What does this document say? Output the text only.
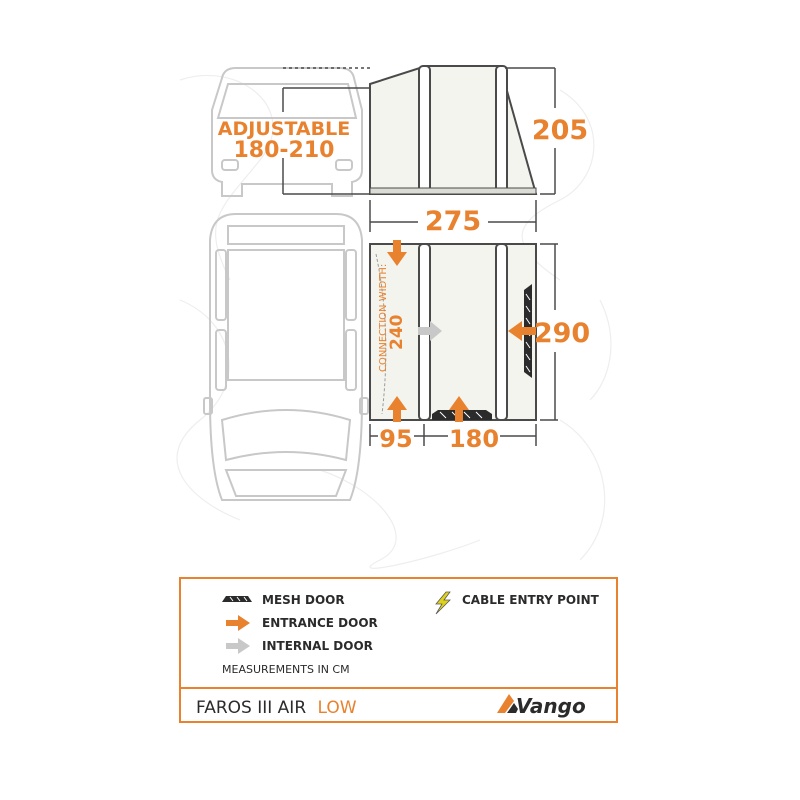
ADJUSTABLE
180-210
205
275
CONNECTION WIDTH:
240	290
95 180
MESH DOOR
ENTRANCE DOOR
INTERNAL DOOR
CABLE ENTRY POINT
MEASUREMENTS IN CM
FAROS III AIR LOW	Vango
